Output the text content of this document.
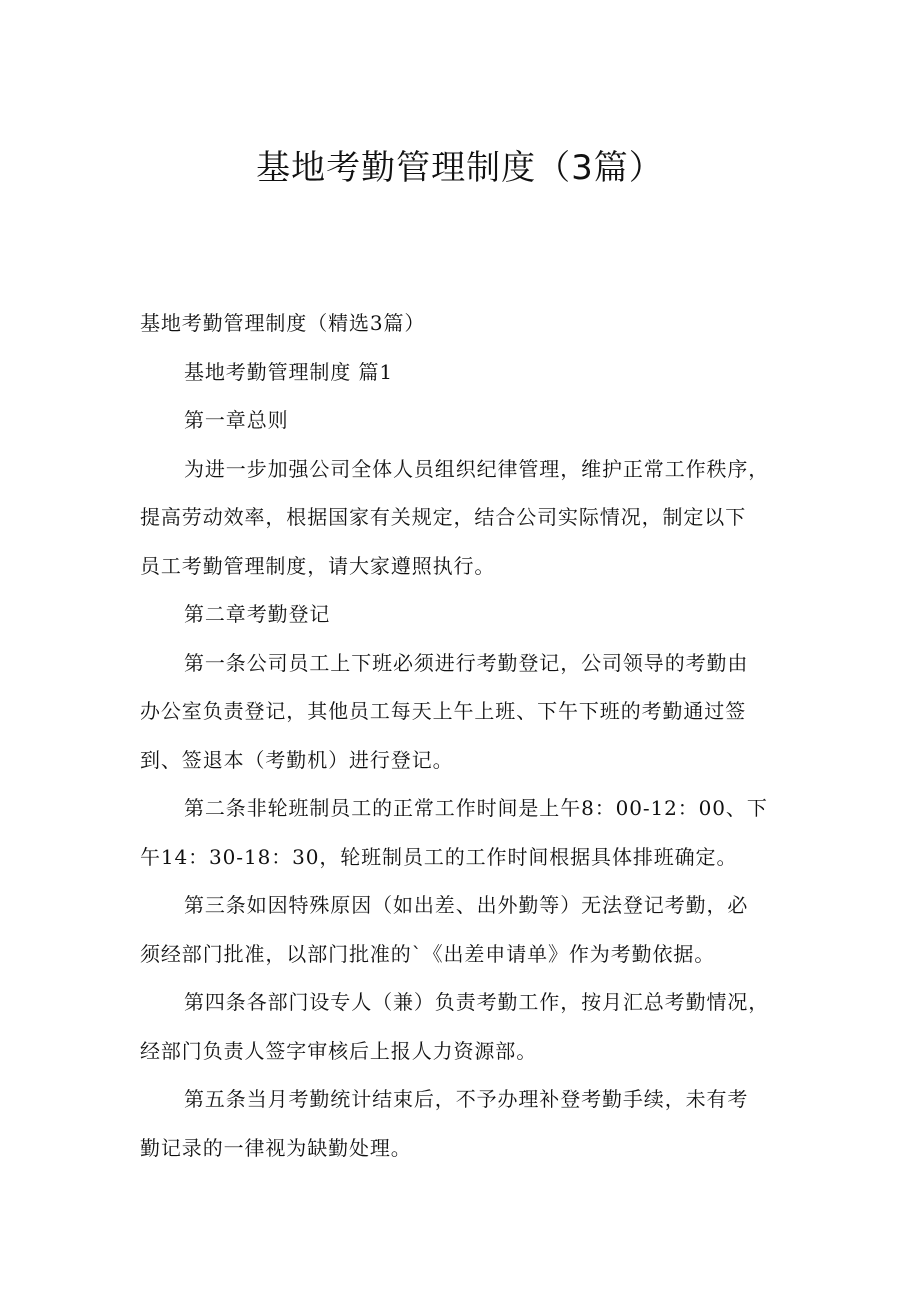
基地考勤管理制度（3篇）

基地考勤管理制度（精选3篇）

基地考勤管理制度 篇1

第一章总则

为进一步加强公司全体人员组织纪律管理，维护正常工作秩序，
提高劳动效率，根据国家有关规定，结合公司实际情况，制定以下
员工考勤管理制度，请大家遵照执行。

第二章考勤登记

第一条公司员工上下班必须进行考勤登记，公司领导的考勤由
办公室负责登记，其他员工每天上午上班、下午下班的考勤通过签
到、签退本（考勤机）进行登记。

第二条非轮班制员工的正常工作时间是上午8：00-12：00、下
午14：30-18：30，轮班制员工的工作时间根据具体排班确定。

第三条如因特殊原因（如出差、出外勤等）无法登记考勤，必
须经部门批准，以部门批准的`《出差申请单》作为考勤依据。

第四条各部门设专人（兼）负责考勤工作，按月汇总考勤情况，
经部门负责人签字审核后上报人力资源部。

第五条当月考勤统计结束后，不予办理补登考勤手续，未有考
勤记录的一律视为缺勤处理。
